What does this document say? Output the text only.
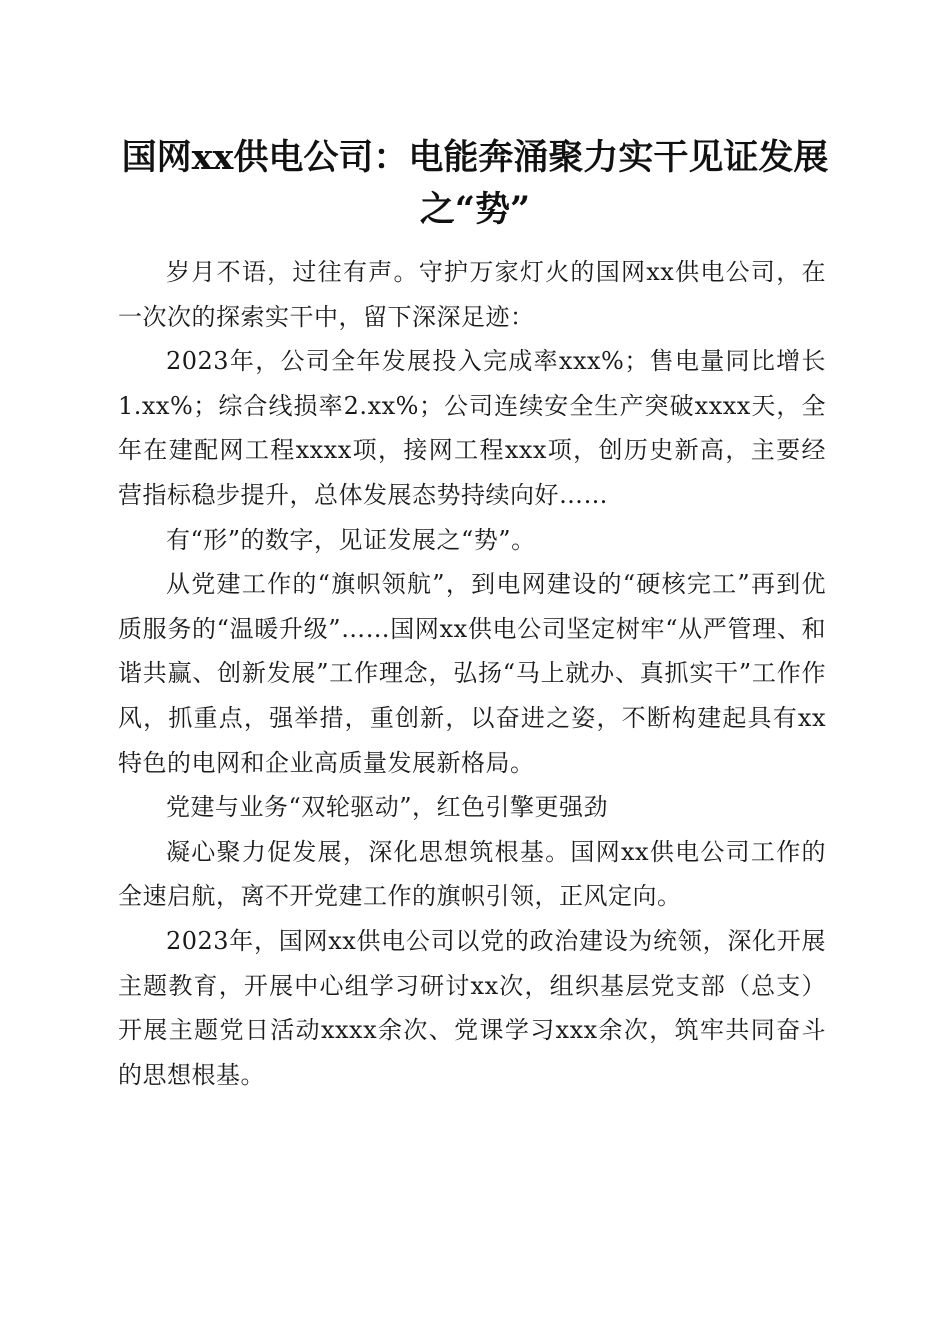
国网xx供电公司：电能奔涌聚力实干见证发展之“势”

岁月不语，过往有声。守护万家灯火的国网xx供电公司，在一次次的探索实干中，留下深深足迹：

2023年，公司全年发展投入完成率xxx%；售电量同比增长1.xx%；综合线损率2.xx%；公司连续安全生产突破xxxx天，全年在建配网工程xxxx项，接网工程xxx项，创历史新高，主要经营指标稳步提升，总体发展态势持续向好……

有“形”的数字，见证发展之“势”。

从党建工作的“旗帜领航”，到电网建设的“硬核完工”再到优质服务的“温暖升级”……国网xx供电公司坚定树牢“从严管理、和谐共赢、创新发展”工作理念，弘扬“马上就办、真抓实干”工作作风，抓重点，强举措，重创新，以奋进之姿，不断构建起具有xx特色的电网和企业高质量发展新格局。

党建与业务“双轮驱动”，红色引擎更强劲

凝心聚力促发展，深化思想筑根基。国网xx供电公司工作的全速启航，离不开党建工作的旗帜引领，正风定向。

2023年，国网xx供电公司以党的政治建设为统领，深化开展主题教育，开展中心组学习研讨xx次，组织基层党支部（总支）开展主题党日活动xxxx余次、党课学习xxx余次，筑牢共同奋斗的思想根基。
